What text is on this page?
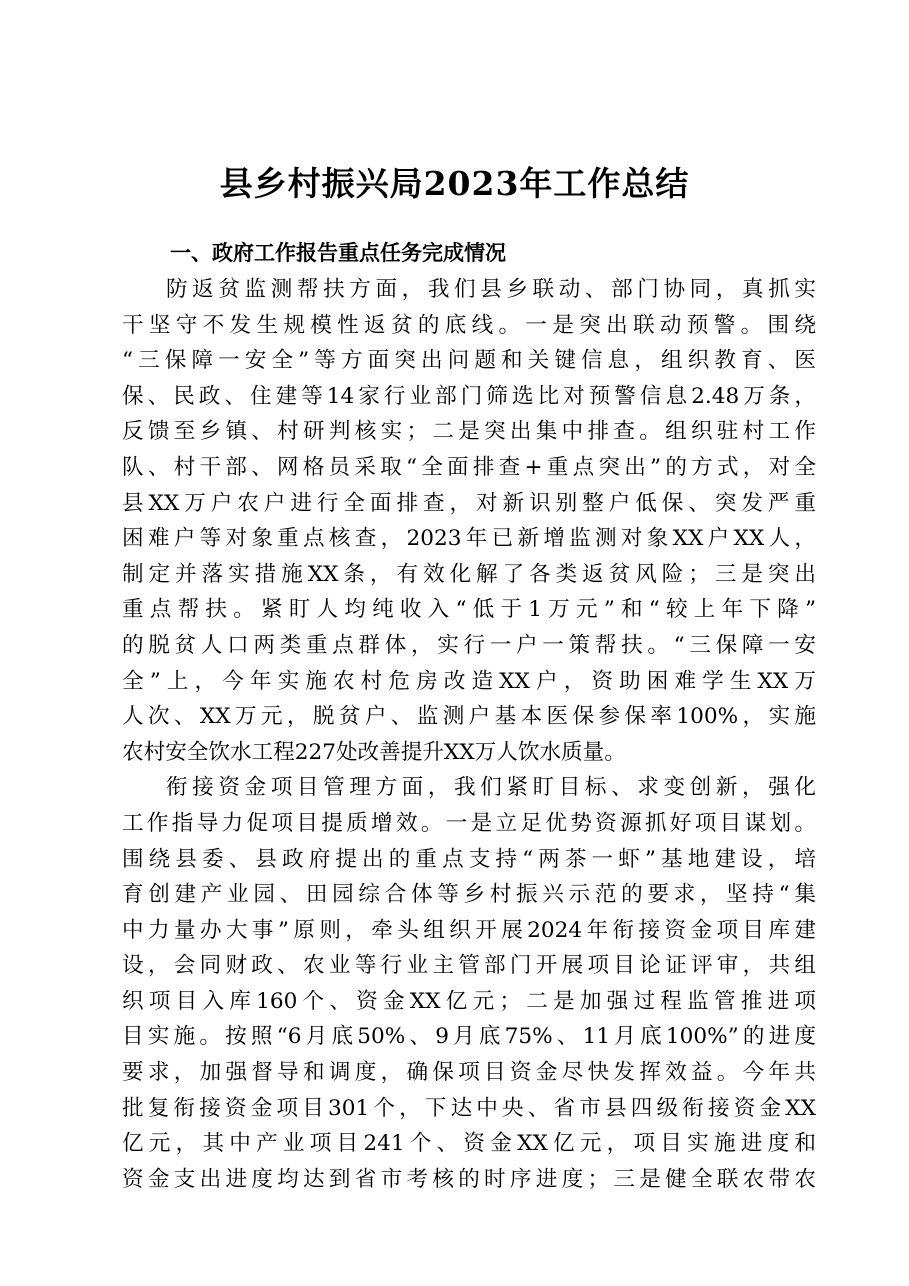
县乡村振兴局2023年工作总结
一、政府工作报告重点任务完成情况

防返贫监测帮扶方面，我们县乡联动、部门协同，真抓实
干坚守不发生规模性返贫的底线。一是突出联动预警。围绕
“三保障一安全”等方面突出问题和关键信息，组织教育、医
保、民政、住建等14家行业部门筛选比对预警信息2.48万条，
反馈至乡镇、村研判核实；二是突出集中排查。组织驻村工作
队、村干部、网格员采取“全面排查+重点突出”的方式，对全
县XX万户农户进行全面排查，对新识别整户低保、突发严重
困难户等对象重点核查，2023年已新增监测对象XX户XX人，
制定并落实措施XX条，有效化解了各类返贫风险；三是突出
重点帮扶。紧盯人均纯收入“低于1万元”和“较上年下降”
的脱贫人口两类重点群体，实行一户一策帮扶。“三保障一安
全”上，今年实施农村危房改造XX户，资助困难学生XX万
人次、XX万元，脱贫户、监测户基本医保参保率100%，实施
农村安全饮水工程227处改善提升XX万人饮水质量。

衔接资金项目管理方面，我们紧盯目标、求变创新，强化
工作指导力促项目提质增效。一是立足优势资源抓好项目谋划。
围绕县委、县政府提出的重点支持“两茶一虾”基地建设，培
育创建产业园、田园综合体等乡村振兴示范的要求，坚持“集
中力量办大事”原则，牵头组织开展2024年衔接资金项目库建
设，会同财政、农业等行业主管部门开展项目论证评审，共组
织项目入库160个、资金XX亿元；二是加强过程监管推进项
目实施。按照“6月底50%、9月底75%、11月底100%”的进度
要求，加强督导和调度，确保项目资金尽快发挥效益。今年共
批复衔接资金项目301个，下达中央、省市县四级衔接资金XX
亿元，其中产业项目241个、资金XX亿元，项目实施进度和
资金支出进度均达到省市考核的时序进度；三是健全联农带农
